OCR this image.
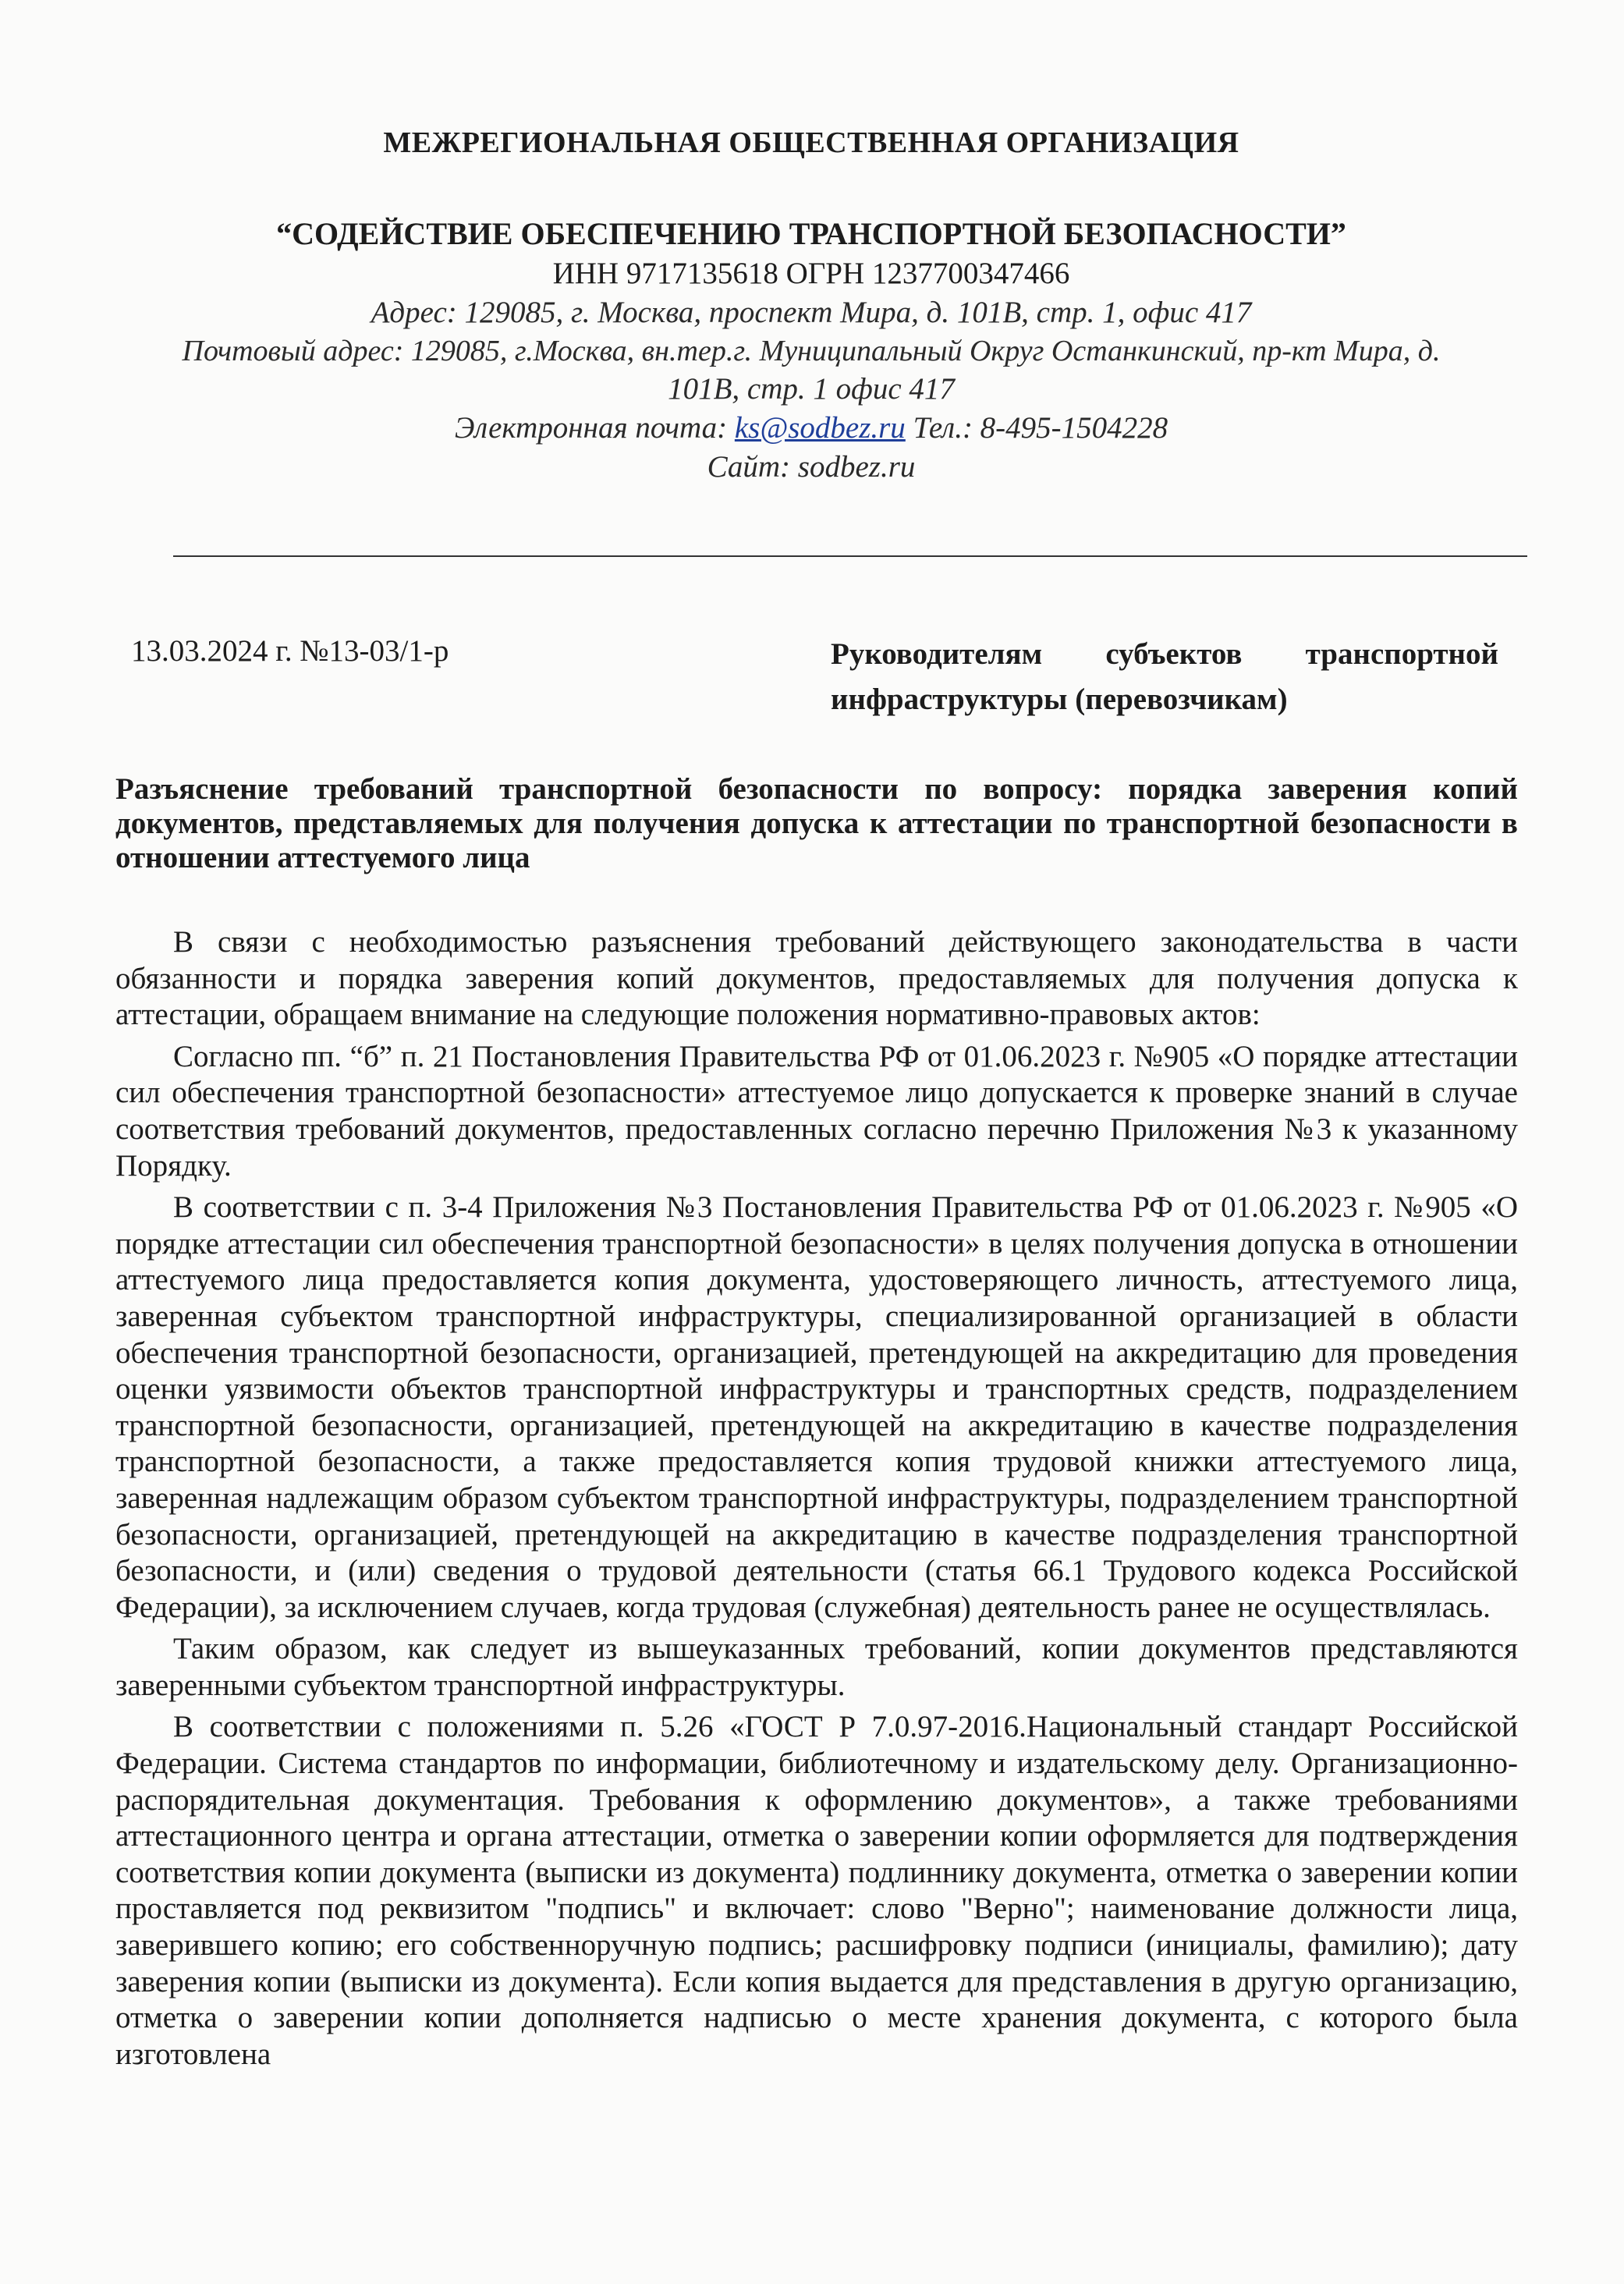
МЕЖРЕГИОНАЛЬНАЯ ОБЩЕСТВЕННАЯ ОРГАНИЗАЦИЯ
“СОДЕЙСТВИЕ ОБЕСПЕЧЕНИЮ ТРАНСПОРТНОЙ БЕЗОПАСНОСТИ”
ИНН 9717135618 ОГРН 1237700347466
Адрес: 129085, г. Москва, проспект Мира, д. 101В, стр. 1, офис 417
Почтовый адрес: 129085, г.Москва, вн.тер.г. Муниципальный Округ Останкинский, пр-кт Мира, д.
101В, стр. 1 офис 417
Электронная почта: ks@sodbez.ru Тел.: 8-495-1504228
Сайт: sodbez.ru
13.03.2024 г. №13-03/1-р	Руководителям субъектов транспортной инфраструктуры (перевозчикам)
Разъяснение требований транспортной безопасности по вопросу: порядка заверения копий документов, представляемых для получения допуска к аттестации по транспортной безопасности в отношении аттестуемого лица

В связи с необходимостью разъяснения требований действующего законодательства в части обязанности и порядка заверения копий документов, предоставляемых для получения допуска к аттестации, обращаем внимание на следующие положения нормативно-правовых актов:

Согласно пп. “б” п. 21 Постановления Правительства РФ от 01.06.2023 г. №905 «О порядке аттестации сил обеспечения транспортной безопасности» аттестуемое лицо допускается к проверке знаний в случае соответствия требований документов, предоставленных согласно перечню Приложения №3 к указанному Порядку.

В соответствии с п. 3-4 Приложения №3 Постановления Правительства РФ от 01.06.2023 г. №905 «О порядке аттестации сил обеспечения транспортной безопасности» в целях получения допуска в отношении аттестуемого лица предоставляется копия документа, удостоверяющего личность, аттестуемого лица, заверенная субъектом транспортной инфраструктуры, специализированной организацией в области обеспечения транспортной безопасности, организацией, претендующей на аккредитацию для проведения оценки уязвимости объектов транспортной инфраструктуры и транспортных средств, подразделением транспортной безопасности, организацией, претендующей на аккредитацию в качестве подразделения транспортной безопасности, а также предоставляется копия трудовой книжки аттестуемого лица, заверенная надлежащим образом субъектом транспортной инфраструктуры, подразделением транспортной безопасности, организацией, претендующей на аккредитацию в качестве подразделения транспортной безопасности, и (или) сведения о трудовой деятельности (статья 66.1 Трудового кодекса Российской Федерации), за исключением случаев, когда трудовая (служебная) деятельность ранее не осуществлялась.

Таким образом, как следует из вышеуказанных требований, копии документов представляются заверенными субъектом транспортной инфраструктуры.

В соответствии с положениями п. 5.26 «ГОСТ Р 7.0.97-2016.Национальный стандарт Российской Федерации. Система стандартов по информации, библиотечному и издательскому делу. Организационно-распорядительная документация. Требования к оформлению документов», а также требованиями аттестационного центра и органа аттестации, отметка о заверении копии оформляется для подтверждения соответствия копии документа (выписки из документа) подлиннику документа, отметка о заверении копии проставляется под реквизитом "подпись" и включает: слово "Верно"; наименование должности лица, заверившего копию; его собственноручную подпись; расшифровку подписи (инициалы, фамилию); дату заверения копии (выписки из документа). Если копия выдается для представления в другую организацию, отметка о заверении копии дополняется надписью о месте хранения документа, с которого была изготовлена
